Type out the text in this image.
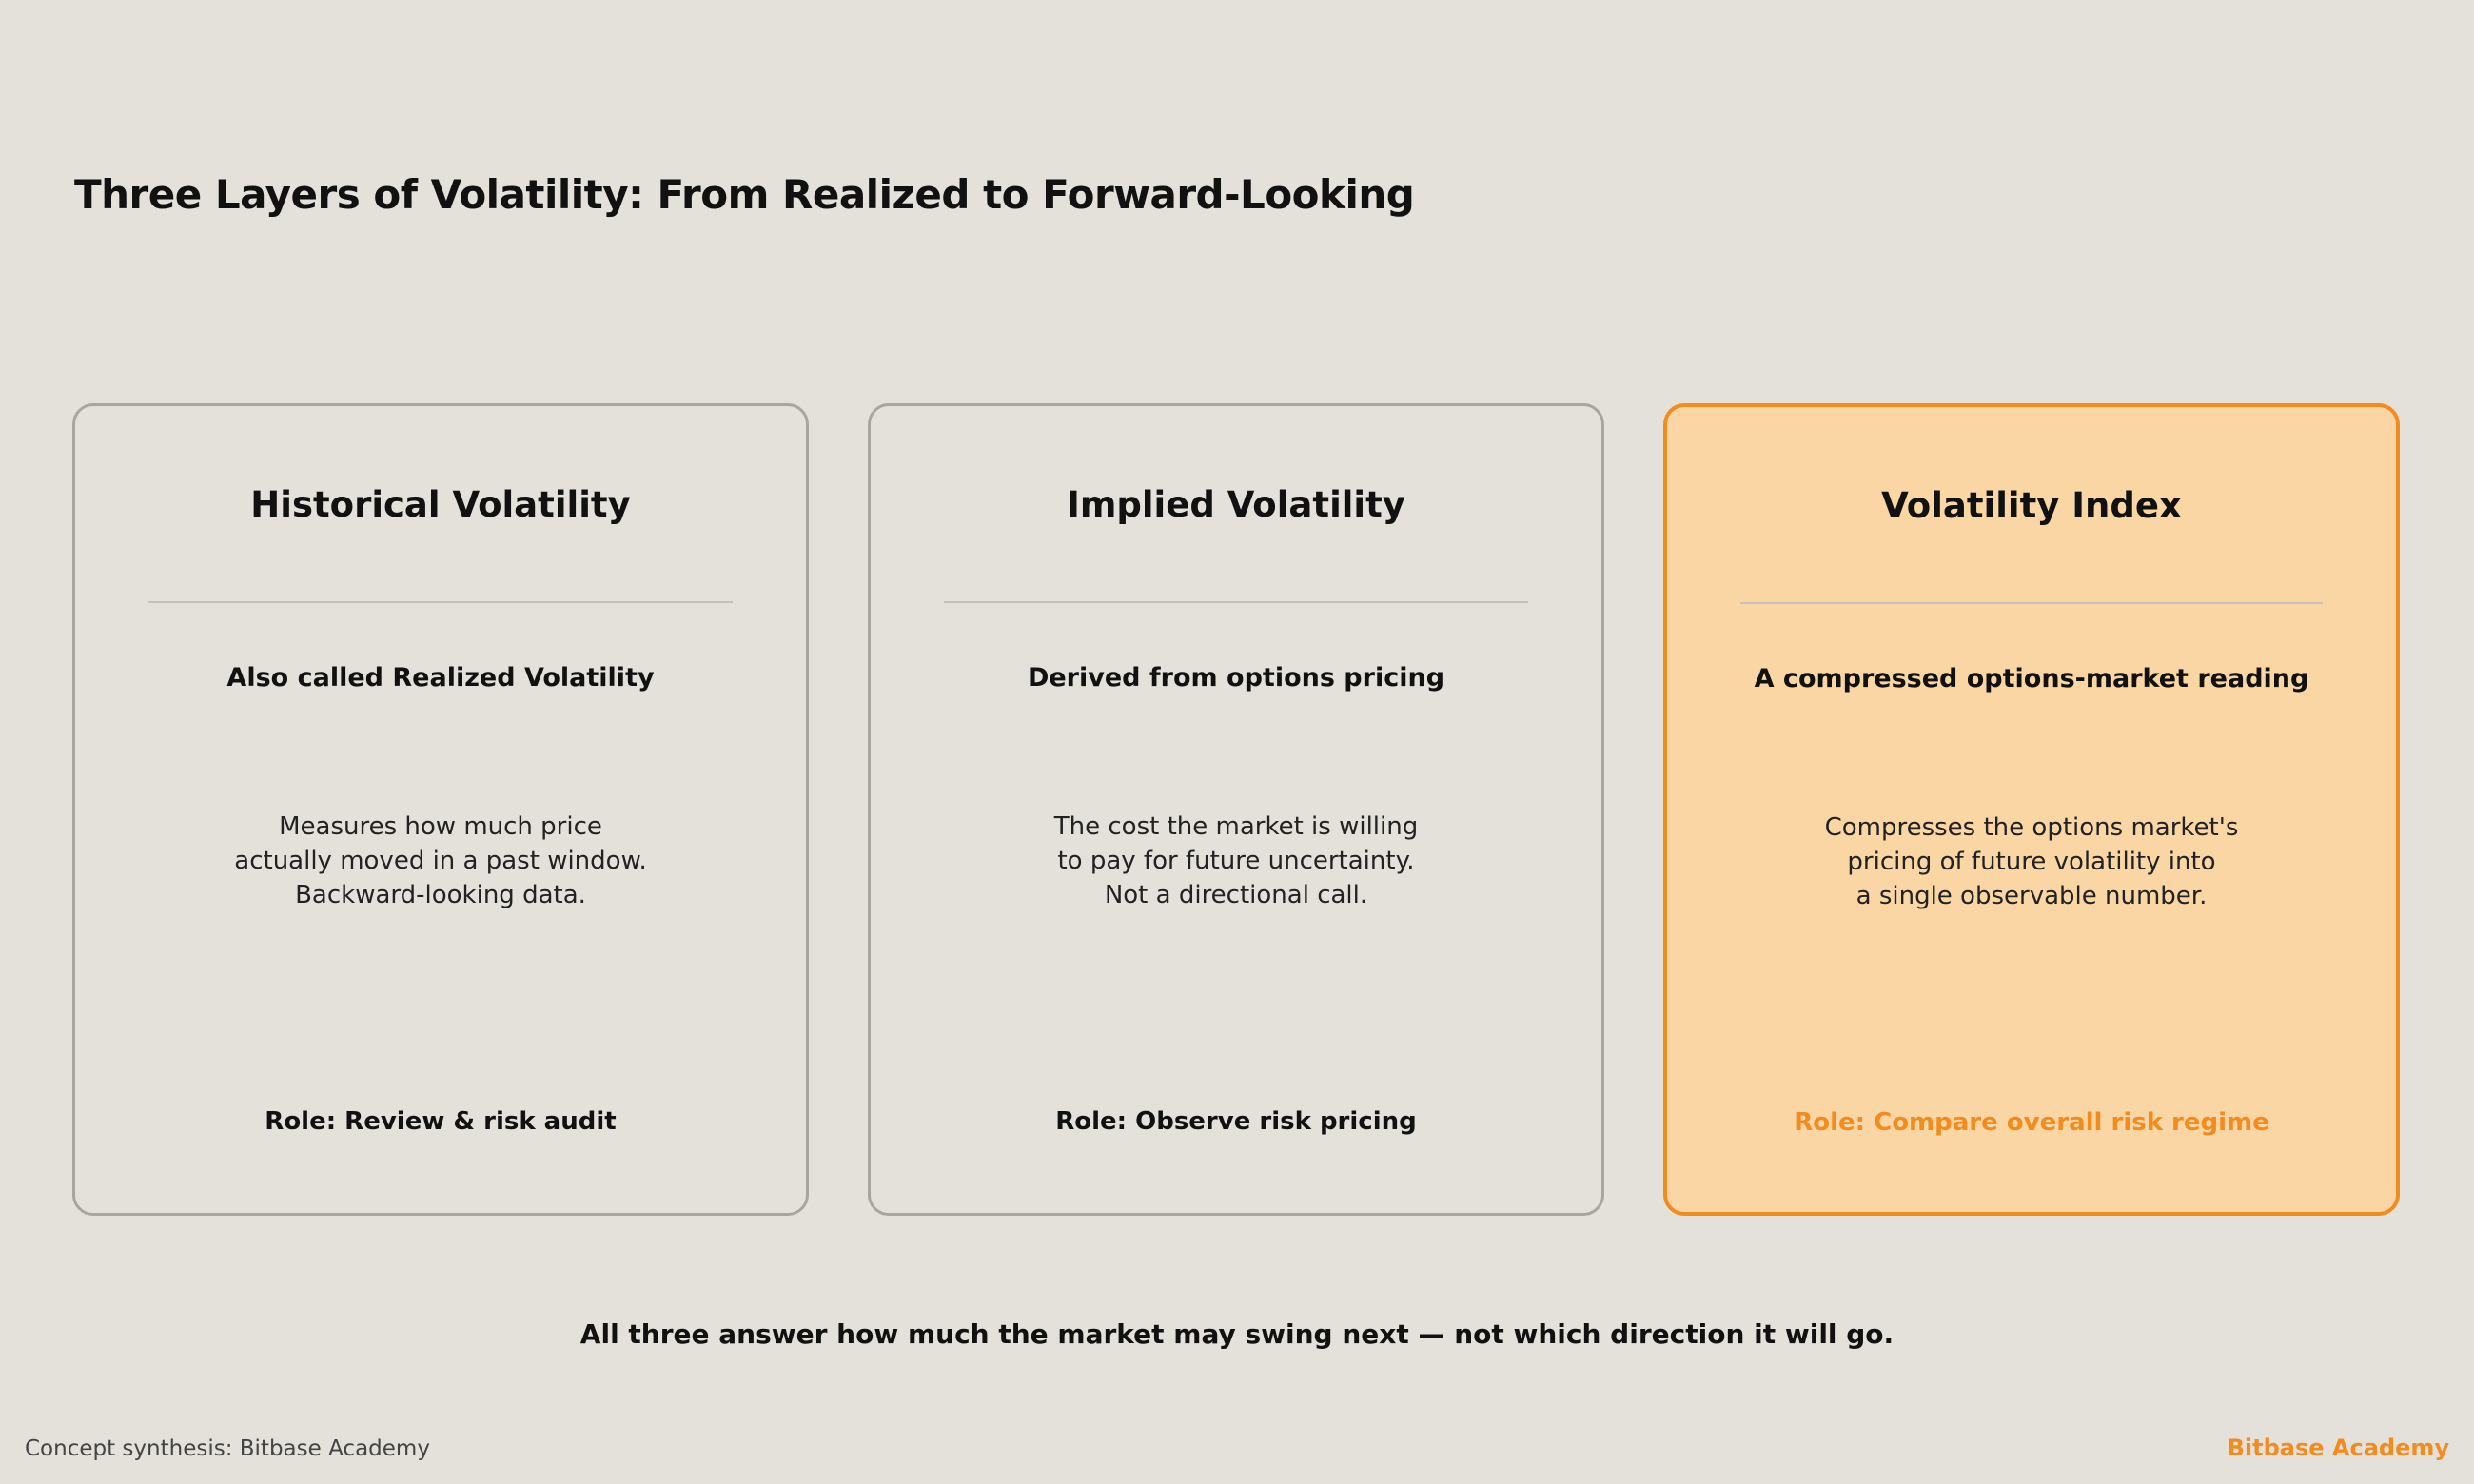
Three Layers of Volatility: From Realized to Forward-Looking
Historical Volatility
Also called Realized Volatility
Measures how much price
actually moved in a past window.
Backward-looking data.
Role: Review & risk audit
Implied Volatility
Derived from options pricing
The cost the market is willing
to pay for future uncertainty.
Not a directional call.
Role: Observe risk pricing
Volatility Index
A compressed options-market reading
Compresses the options market's
pricing of future volatility into
a single observable number.
Role: Compare overall risk regime
All three answer how much the market may swing next — not which direction it will go.
Concept synthesis: Bitbase Academy	Bitbase Academy
